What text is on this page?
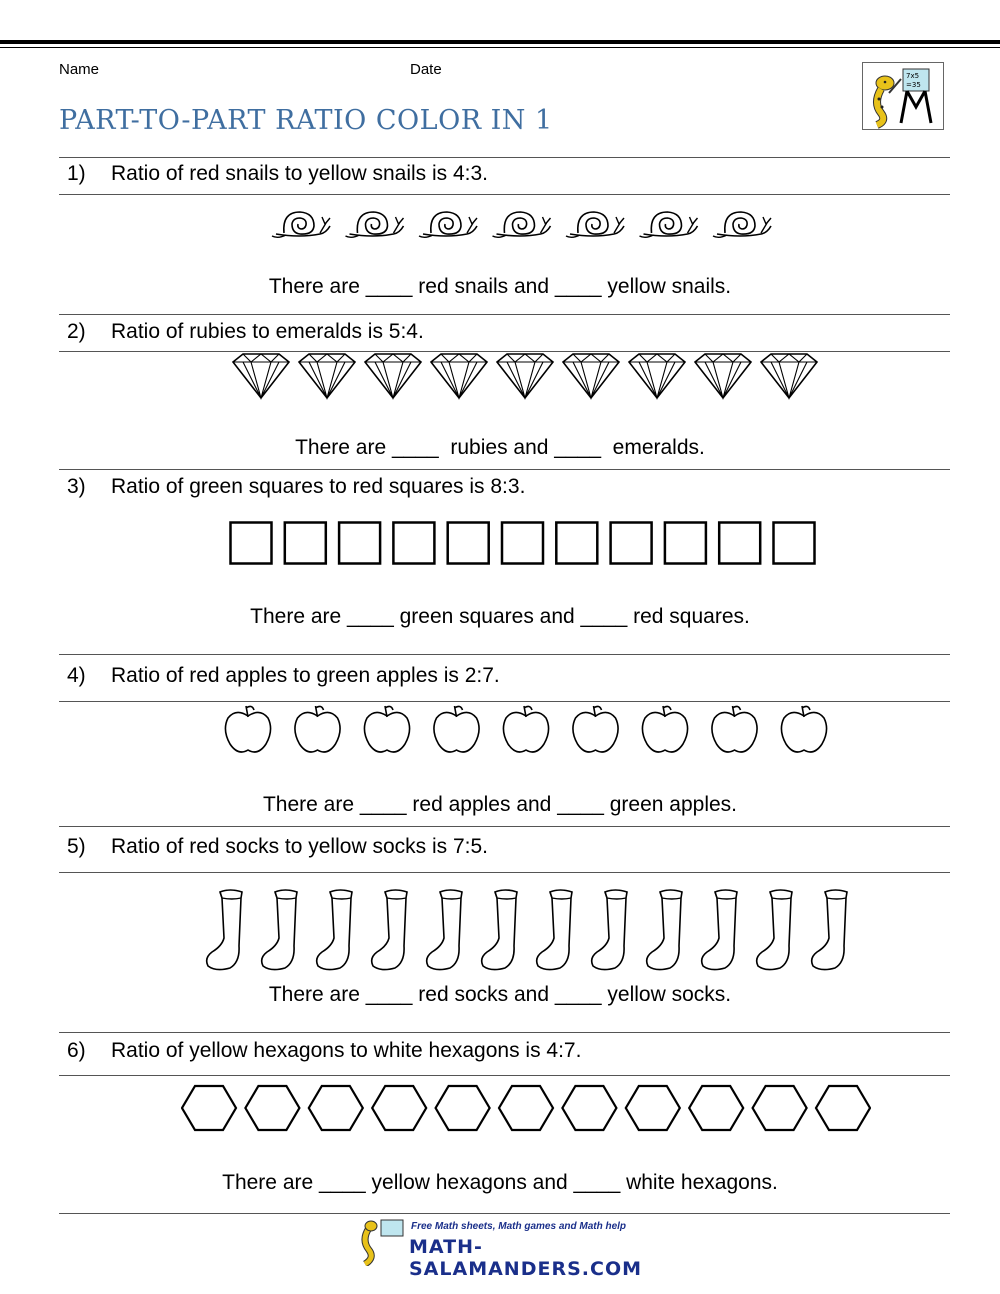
Name	Date
PART-TO-PART RATIO COLOR IN 1
7x5
=35
1) Ratio of red snails to yellow snails is 4:3.
There are ____ red snails and ____ yellow snails.
2) Ratio of rubies to emeralds is 5:4.
There are ____  rubies and ____  emeralds.
3) Ratio of green squares to red squares is 8:3.
There are ____ green squares and ____ red squares.
4) Ratio of red apples to green apples is 2:7.
There are ____ red apples and ____ green apples.
5) Ratio of red socks to yellow socks is 7:5.
There are ____ red socks and ____ yellow socks.
6) Ratio of yellow hexagons to white hexagons is 4:7.
There are ____ yellow hexagons and ____ white hexagons.
Free Math sheets, Math games and Math help
MATH-SALAMANDERS.COM
